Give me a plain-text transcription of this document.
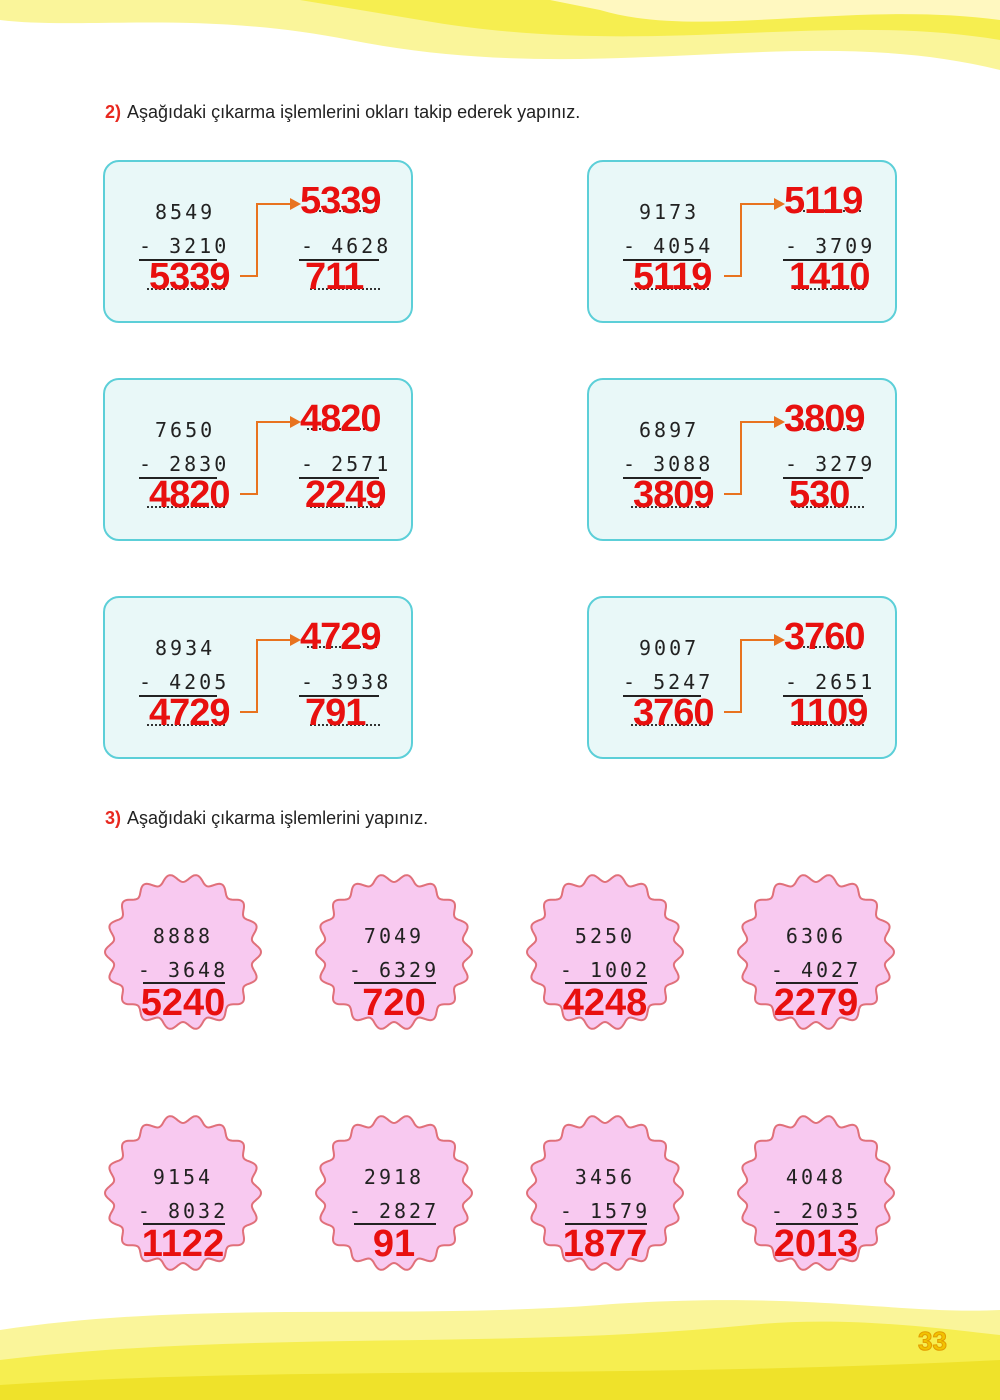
2) Aşağıdaki çıkarma işlemlerini okları takip ederek yapınız.
8549
- 3210
5339
5339
- 4628
711
9173
- 4054
5119
5119
- 3709
1410
7650
- 2830
4820
4820
- 2571
2249
6897
- 3088
3809
3809
- 3279
530
8934
- 4205
4729
4729
- 3938
791
9007
- 5247
3760
3760
- 2651
1109
3) Aşağıdaki çıkarma işlemlerini yapınız.
8888
- 3648
5240
7049
- 6329
720
5250
- 1002
4248
6306
- 4027
2279
9154
- 8032
1122
2918
- 2827
91
3456
- 1579
1877
4048
- 2035
2013
33
